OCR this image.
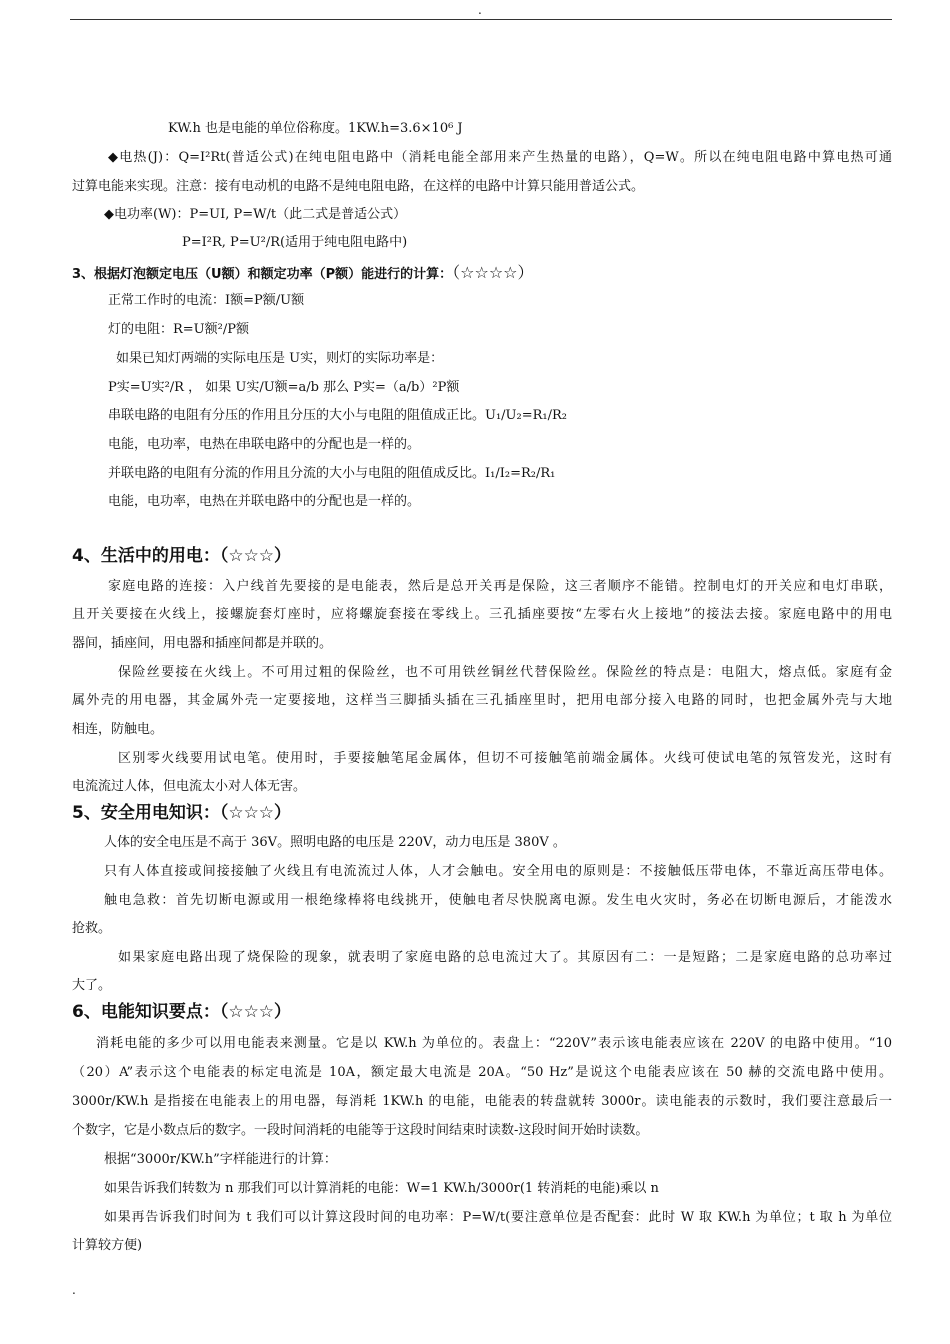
.
KW.h 也是电能的单位俗称度。1KW.h=3.6×10⁶ J
◆电热(J)：Q=I²Rt(普适公式)在纯电阻电路中（消耗电能全部用来产生热量的电路），Q=W。所以在纯电阻电路中算电热可通
过算电能来实现。注意：接有电动机的电路不是纯电阻电路，在这样的电路中计算只能用普适公式。
◆电功率(W)：P=UI, P=W/t（此二式是普适公式）
P=I²R, P=U²/R(适用于纯电阻电路中)
3、根据灯泡额定电压（U额）和额定功率（P额）能进行的计算：（☆☆☆☆）
正常工作时的电流：I额=P额/U额
灯的电阻：R=U额²/P额
如果已知灯两端的实际电压是 U实，则灯的实际功率是：
P实=U实²/R ， 如果 U实/U额=a/b 那么 P实=（a/b）²P额
串联电路的电阻有分压的作用且分压的大小与电阻的阻值成正比。U₁/U₂=R₁/R₂
电能，电功率，电热在串联电路中的分配也是一样的。
并联电路的电阻有分流的作用且分流的大小与电阻的阻值成反比。I₁/I₂=R₂/R₁
电能，电功率，电热在并联电路中的分配也是一样的。
4、生活中的用电：（☆☆☆）
家庭电路的连接：入户线首先要接的是电能表，然后是总开关再是保险，这三者顺序不能错。控制电灯的开关应和电灯串联，
且开关要接在火线上，接螺旋套灯座时，应将螺旋套接在零线上。三孔插座要按“左零右火上接地”的接法去接。家庭电路中的用电
器间，插座间，用电器和插座间都是并联的。
保险丝要接在火线上。不可用过粗的保险丝，也不可用铁丝铜丝代替保险丝。保险丝的特点是：电阻大，熔点低。家庭有金
属外壳的用电器，其金属外壳一定要接地，这样当三脚插头插在三孔插座里时，把用电部分接入电路的同时，也把金属外壳与大地
相连，防触电。
区别零火线要用试电笔。使用时，手要接触笔尾金属体，但切不可接触笔前端金属体。火线可使试电笔的氖管发光，这时有
电流流过人体，但电流太小对人体无害。
5、安全用电知识：（☆☆☆）
人体的安全电压是不高于 36V。照明电路的电压是 220V，动力电压是 380V 。
只有人体直接或间接接触了火线且有电流流过人体，人才会触电。安全用电的原则是：不接触低压带电体，不靠近高压带电体。
触电急救：首先切断电源或用一根绝缘棒将电线挑开，使触电者尽快脱离电源。发生电火灾时，务必在切断电源后，才能泼水
抢救。
如果家庭电路出现了烧保险的现象，就表明了家庭电路的总电流过大了。其原因有二：一是短路；二是家庭电路的总功率过
大了。
6、电能知识要点：（☆☆☆）
消耗电能的多少可以用电能表来测量。它是以 KW.h 为单位的。表盘上：“220V”表示该电能表应该在 220V 的电路中使用。“10
（20）A”表示这个电能表的标定电流是 10A，额定最大电流是 20A。“50 Hz”是说这个电能表应该在 50 赫的交流电路中使用。
3000r/KW.h 是指接在电能表上的用电器，每消耗 1KW.h 的电能，电能表的转盘就转 3000r。读电能表的示数时，我们要注意最后一
个数字，它是小数点后的数字。一段时间消耗的电能等于这段时间结束时读数-这段时间开始时读数。
根据“3000r/KW.h”字样能进行的计算：
如果告诉我们转数为 n 那我们可以计算消耗的电能：W=1 KW.h/3000r(1 转消耗的电能)乘以 n
如果再告诉我们时间为 t 我们可以计算这段时间的电功率：P=W/t(要注意单位是否配套：此时 W 取 KW.h 为单位；t 取 h 为单位
计算较方便)
.
